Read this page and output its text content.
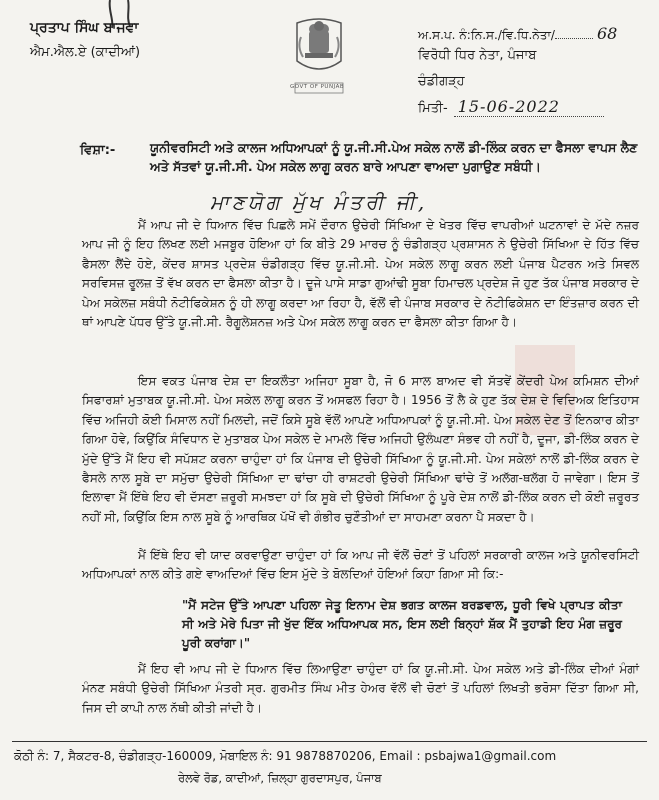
ਪ੍ਰਤਾਪ ਸਿੰਘ ਬਾਜਵਾ
ਐਮ.ਐਲ.ਏ (ਕਾਦੀਆਂ)
GOVT OF PUNJAB
ਅ.ਸ.ਪ. ਨੰ:ਨਿ.ਸ./ਵਿ.ਧਿ.ਨੇਤਾ/	68
ਵਿਰੋਧੀ ਧਿਰ ਨੇਤਾ, ਪੰਜਾਬ
ਚੰਡੀਗੜ੍ਹ
ਮਿਤੀ- 15-06-2022
ਵਿਸ਼ਾ:-	ਯੂਨੀਵਰਸਿਟੀ ਅਤੇ ਕਾਲਜ ਅਧਿਆਪਕਾਂ ਨੂੰ ਯੂ.ਜੀ.ਸੀ.ਪੇਅ ਸਕੇਲ ਨਾਲੋਂ ਡੀ-ਲਿੰਕ ਕਰਨ ਦਾ ਫੈਸਲਾ ਵਾਪਸ ਲੈਣ ਅਤੇ ਸੱਤਵਾਂ ਯੂ.ਜੀ.ਸੀ. ਪੇਅ ਸਕੇਲ ਲਾਗੂ ਕਰਨ ਬਾਰੇ ਆਪਣਾ ਵਾਅਦਾ ਪੁਗਾਉਣ ਸਬੰਧੀ।
ਮਾਣਯੋਗ ਮੁੱਖ ਮੰਤਰੀ ਜੀ,
ਮੈਂ ਆਪ ਜੀ ਦੇ ਧਿਆਨ ਵਿੱਚ ਪਿਛਲੇ ਸਮੇਂ ਦੌਰਾਨ ਉਚੇਰੀ ਸਿੱਖਿਆ ਦੇ ਖੇਤਰ ਵਿੱਚ ਵਾਪਰੀਆਂ ਘਟਨਾਵਾਂ ਦੇ ਮੱਦੇ ਨਜ਼ਰ ਆਪ ਜੀ ਨੂੰ ਇਹ ਲਿਖਣ ਲਈ ਮਜਬੂਰ ਹੋਇਆ ਹਾਂ ਕਿ ਬੀਤੇ 29 ਮਾਰਚ ਨੂੰ ਚੰਡੀਗੜ੍ਹ ਪ੍ਰਸ਼ਾਸਨ ਨੇ ਉਚੇਰੀ ਸਿੱਖਿਆ ਦੇ ਹਿੱਤ ਵਿੱਚ ਫੈਸਲਾ ਲੈਂਦੇ ਹੋਏ, ਕੇਂਦਰ ਸ਼ਾਸਤ ਪ੍ਰਦੇਸ਼ ਚੰਡੀਗੜ੍ਹ ਵਿੱਚ ਯੂ.ਜੀ.ਸੀ. ਪੇਅ ਸਕੇਲ ਲਾਗੂ ਕਰਨ ਲਈ ਪੰਜਾਬ ਪੈਟਰਨ ਅਤੇ ਸਿਵਲ ਸਰਵਿਸਜ਼ ਰੂਲਜ਼ ਤੋਂ ਵੱਖ ਕਰਨ ਦਾ ਫੈਸਲਾ ਕੀਤਾ ਹੈ। ਦੂਜੇ ਪਾਸੇ ਸਾਡਾ ਗੁਆਂਢੀ ਸੂਬਾ ਹਿਮਾਚਲ ਪ੍ਰਦੇਸ਼ ਜੋ ਹੁਣ ਤੱਕ ਪੰਜਾਬ ਸਰਕਾਰ ਦੇ ਪੇਅ ਸਕੇਲਜ਼ ਸਬੰਧੀ ਨੋਟੀਫਿਕੇਸ਼ਨ ਨੂੰ ਹੀ ਲਾਗੂ ਕਰਦਾ ਆ ਰਿਹਾ ਹੈ, ਵੱਲੋਂ ਵੀ ਪੰਜਾਬ ਸਰਕਾਰ ਦੇ ਨੋਟੀਫਿਕੇਸ਼ਨ ਦਾ ਇੰਤਜ਼ਾਰ ਕਰਨ ਦੀ ਥਾਂ ਆਪਣੇ ਪੱਧਰ ਉੱਤੇ ਯੂ.ਜੀ.ਸੀ. ਰੈਗੂਲੇਸ਼ਨਜ਼ ਅਤੇ ਪੇਅ ਸਕੇਲ ਲਾਗੂ ਕਰਨ ਦਾ ਫੈਸਲਾ ਕੀਤਾ ਗਿਆ ਹੈ।
ਇਸ ਵਕਤ ਪੰਜਾਬ ਦੇਸ਼ ਦਾ ਇਕਲੌਤਾ ਅਜਿਹਾ ਸੂਬਾ ਹੈ, ਜੋ 6 ਸਾਲ ਬਾਅਦ ਵੀ ਸੱਤਵੇਂ ਕੇਂਦਰੀ ਪੇਅ ਕਮਿਸ਼ਨ ਦੀਆਂ ਸਿਫਾਰਸ਼ਾਂ ਮੁਤਾਬਕ ਯੂ.ਜੀ.ਸੀ. ਪੇਅ ਸਕੇਲ ਲਾਗੂ ਕਰਨ ਤੋਂ ਅਸਫਲ ਰਿਹਾ ਹੈ। 1956 ਤੋਂ ਲੈ ਕੇ ਹੁਣ ਤੱਕ ਦੇਸ਼ ਦੇ ਵਿਦਿਅਕ ਇਤਿਹਾਸ ਵਿੱਚ ਅਜਿਹੀ ਕੋਈ ਮਿਸਾਲ ਨਹੀਂ ਮਿਲਦੀ, ਜਦੋਂ ਕਿਸੇ ਸੂਬੇ ਵੱਲੋਂ ਆਪਣੇ ਅਧਿਆਪਕਾਂ ਨੂੰ ਯੂ.ਜੀ.ਸੀ. ਪੇਅ ਸਕੇਲ ਦੇਣ ਤੋਂ ਇਨਕਾਰ ਕੀਤਾ ਗਿਆ ਹੋਵੇ, ਕਿਉਂਕਿ ਸੰਵਿਧਾਨ ਦੇ ਮੁਤਾਬਕ ਪੇਅ ਸਕੇਲ ਦੇ ਮਾਮਲੇ ਵਿੱਚ ਅਜਿਹੀ ਉਲੰਘਣਾ ਸੰਭਵ ਹੀ ਨਹੀਂ ਹੈ, ਦੂਜਾ, ਡੀ-ਲਿੰਕ ਕਰਨ ਦੇ ਮੁੱਦੇ ਉੱਤੇ ਮੈਂ ਇਹ ਵੀ ਸਪੱਸ਼ਟ ਕਰਨਾ ਚਾਹੁੰਦਾ ਹਾਂ ਕਿ ਪੰਜਾਬ ਦੀ ਉਚੇਰੀ ਸਿੱਖਿਆ ਨੂੰ ਯੂ.ਜੀ.ਸੀ. ਪੇਅ ਸਕੇਲਾਂ ਨਾਲੋਂ ਡੀ-ਲਿੰਕ ਕਰਨ ਦੇ ਫੈਸਲੇ ਨਾਲ ਸੂਬੇ ਦਾ ਸਮੁੱਚਾ ਉਚੇਰੀ ਸਿੱਖਿਆ ਦਾ ਢਾਂਚਾ ਹੀ ਰਾਸ਼ਟਰੀ ਉਚੇਰੀ ਸਿੱਖਿਆ ਢਾਂਚੇ ਤੋਂ ਅਲੱਗ-ਥਲੱਗ ਹੋ ਜਾਵੇਗਾ। ਇਸ ਤੋਂ ਇਲਾਵਾ ਮੈਂ ਇੱਥੇ ਇਹ ਵੀ ਦੱਸਣਾ ਜ਼ਰੂਰੀ ਸਮਝਦਾ ਹਾਂ ਕਿ ਸੂਬੇ ਦੀ ਉਚੇਰੀ ਸਿੱਖਿਆ ਨੂੰ ਪੂਰੇ ਦੇਸ਼ ਨਾਲੋਂ ਡੀ-ਲਿੰਕ ਕਰਨ ਦੀ ਕੋਈ ਜ਼ਰੂਰਤ ਨਹੀਂ ਸੀ, ਕਿਉਂਕਿ ਇਸ ਨਾਲ ਸੂਬੇ ਨੂੰ ਆਰਥਿਕ ਪੱਖੋਂ ਵੀ ਗੰਭੀਰ ਚੁਣੌਤੀਆਂ ਦਾ ਸਾਹਮਣਾ ਕਰਨਾ ਪੈ ਸਕਦਾ ਹੈ।
ਮੈਂ ਇੱਥੇ ਇਹ ਵੀ ਯਾਦ ਕਰਵਾਉਣਾ ਚਾਹੁੰਦਾ ਹਾਂ ਕਿ ਆਪ ਜੀ ਵੱਲੋਂ ਚੋਣਾਂ ਤੋਂ ਪਹਿਲਾਂ ਸਰਕਾਰੀ ਕਾਲਜ ਅਤੇ ਯੂਨੀਵਰਸਿਟੀ ਅਧਿਆਪਕਾਂ ਨਾਲ ਕੀਤੇ ਗਏ ਵਾਅਦਿਆਂ ਵਿੱਚ ਇਸ ਮੁੱਦੇ ਤੇ ਬੋਲਦਿਆਂ ਹੋਇਆਂ ਕਿਹਾ ਗਿਆ ਸੀ ਕਿ:-
"ਮੈਂ ਸਟੇਜ ਉੱਤੇ ਆਪਣਾ ਪਹਿਲਾ ਜੇਤੂ ਇਨਾਮ ਦੇਸ਼ ਭਗਤ ਕਾਲਜ ਬਰਡਵਾਲ, ਧੂਰੀ ਵਿਖੇ ਪ੍ਰਾਪਤ ਕੀਤਾ ਸੀ ਅਤੇ ਮੇਰੇ ਪਿਤਾ ਜੀ ਖੁੱਦ ਇੱਕ ਅਧਿਆਪਕ ਸਨ, ਇਸ ਲਈ ਬਿਨ੍ਹਾਂ ਸ਼ੱਕ ਮੈਂ ਤੁਹਾਡੀ ਇਹ ਮੰਗ ਜ਼ਰੂਰ ਪੂਰੀ ਕਰਾਂਗਾ।"
ਮੈਂ ਇਹ ਵੀ ਆਪ ਜੀ ਦੇ ਧਿਆਨ ਵਿੱਚ ਲਿਆਉਣਾ ਚਾਹੁੰਦਾ ਹਾਂ ਕਿ ਯੂ.ਜੀ.ਸੀ. ਪੇਅ ਸਕੇਲ ਅਤੇ ਡੀ-ਲਿੰਕ ਦੀਆਂ ਮੰਗਾਂ ਮੰਨਣ ਸਬੰਧੀ ਉਚੇਰੀ ਸਿੱਖਿਆ ਮੰਤਰੀ ਸ੍ਰ. ਗੁਰਮੀਤ ਸਿੰਘ ਮੀਤ ਹੇਅਰ ਵੱਲੋਂ ਵੀ ਚੋਣਾਂ ਤੋਂ ਪਹਿਲਾਂ ਲਿਖਤੀ ਭਰੋਸਾ ਦਿੱਤਾ ਗਿਆ ਸੀ, ਜਿਸ ਦੀ ਕਾਪੀ ਨਾਲ ਨੱਥੀ ਕੀਤੀ ਜਾਂਦੀ ਹੈ।
ਕੋਠੀ ਨੰ: 7, ਸੈਕਟਰ-8, ਚੰਡੀਗੜ੍ਹ-160009, ਮੋਬਾਇਲ ਨੰ: 91 9878870206, Email : psbajwa1@gmail.com
ਰੇਲਵੇ ਰੋਡ, ਕਾਦੀਆਂ, ਜ਼ਿਲ੍ਹਾ ਗੁਰਦਾਸਪੁਰ, ਪੰਜਾਬ
